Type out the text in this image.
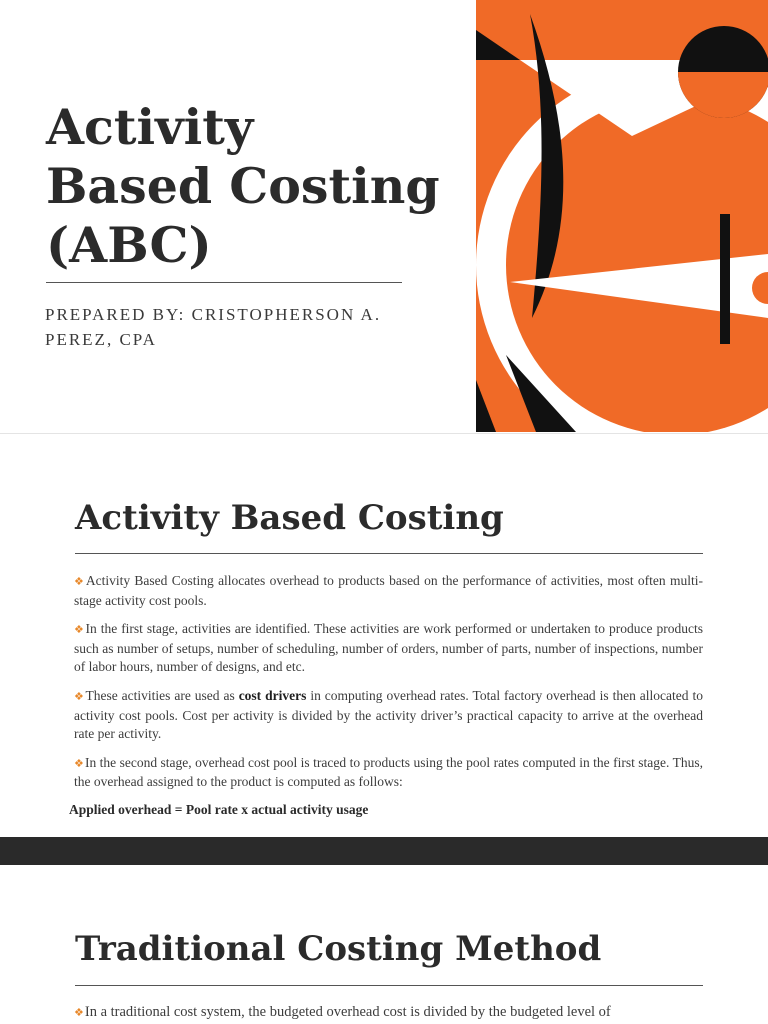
Activity
Based Costing
(ABC)

PREPARED BY: CRISTOPHERSON A. PEREZ, CPA

Activity Based Costing
❖Activity Based Costing allocates overhead to products based on the performance of activities, most often multi-stage activity cost pools.
❖In the first stage, activities are identified. These activities are work performed or undertaken to produce products such as number of setups, number of scheduling, number of orders, number of parts, number of inspections, number of labor hours, number of designs, and etc.
❖These activities are used as cost drivers in computing overhead rates. Total factory overhead is then allocated to activity cost pools. Cost per activity is divided by the activity driver’s practical capacity to arrive at the overhead rate per activity.
❖In the second stage, overhead cost pool is traced to products using the pool rates computed in the first stage. Thus, the overhead assigned to the product is computed as follows:

Applied overhead = Pool rate x actual activity usage

Traditional Costing Method
❖In a traditional cost system, the budgeted overhead cost is divided by the budgeted level of
